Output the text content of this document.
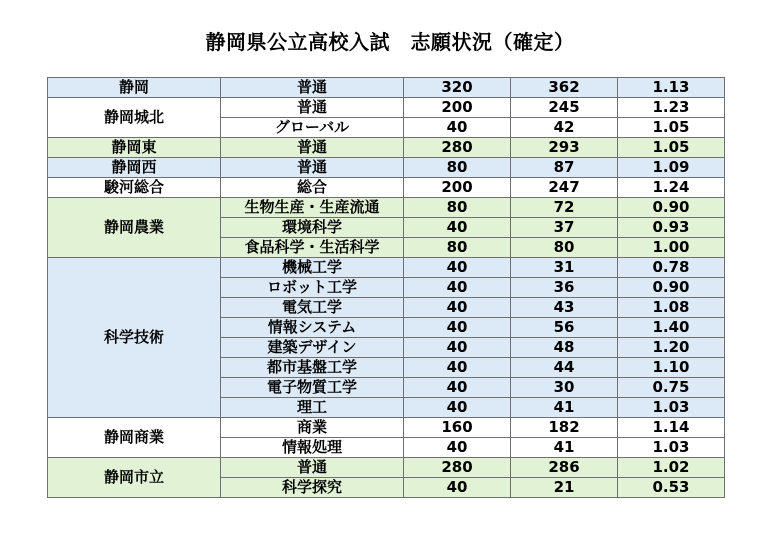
静岡県公立高校入試　志願状況（確定）
静岡	普通	320	362	1.13
静岡城北	普通	200	245	1.23
	グローバル	40	42	1.05
静岡東	普通	280	293	1.05
静岡西	普通	80	87	1.09
駿河総合	総合	200	247	1.24
静岡農業	生物生産・生産流通	80	72	0.90
	環境科学	40	37	0.93
	食品科学・生活科学	80	80	1.00
科学技術	機械工学	40	31	0.78
	ロボット工学	40	36	0.90
	電気工学	40	43	1.08
	情報システム	40	56	1.40
	建築デザイン	40	48	1.20
	都市基盤工学	40	44	1.10
	電子物質工学	40	30	0.75
	理工	40	41	1.03
静岡商業	商業	160	182	1.14
	情報処理	40	41	1.03
静岡市立	普通	280	286	1.02
	科学探究	40	21	0.53
